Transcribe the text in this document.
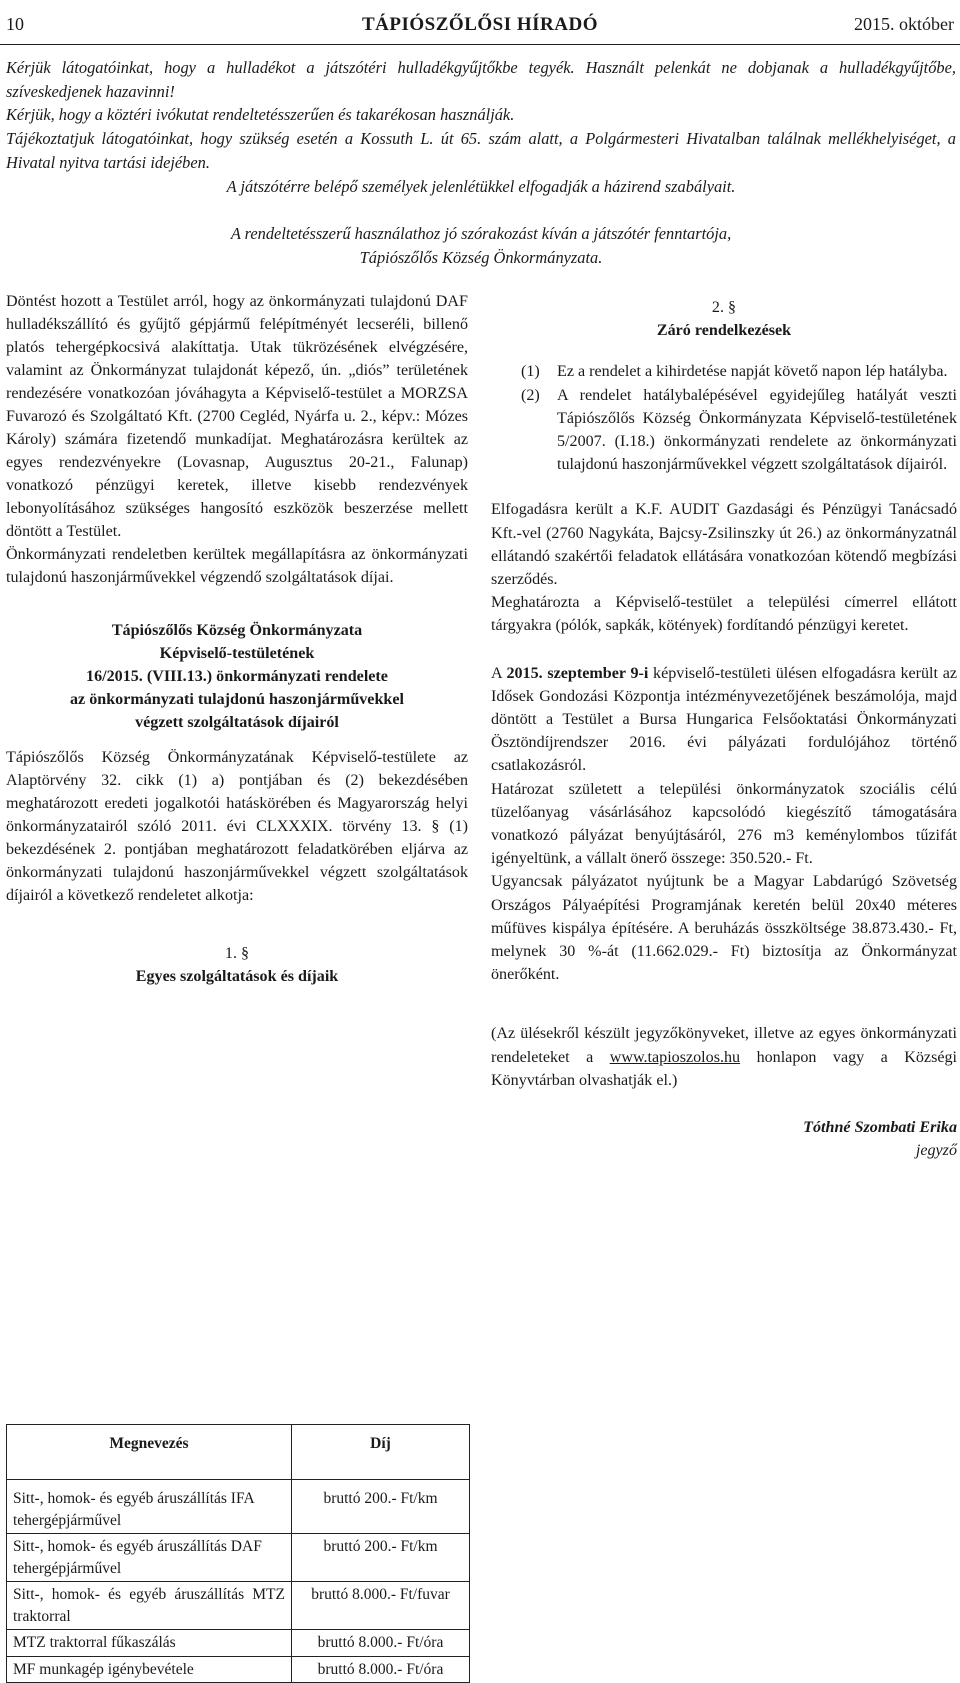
10	TÁPIÓSZŐLŐSI HÍRADÓ	2015. október

Kérjük látogatóinkat, hogy a hulladékot a játszótéri hulladékgyűjtőkbe tegyék. Használt pelenkát ne dobjanak a hulladékgyűjtőbe, szíveskedjenek hazavinni!

Kérjük, hogy a köztéri ivókutat rendeltetésszerűen és takarékosan használják.

Tájékoztatjuk látogatóinkat, hogy szükség esetén a Kossuth L. út 65. szám alatt, a Polgármesteri Hivatalban találnak mellékhelyiséget, a Hivatal nyitva tartási idejében.

A játszótérre belépő személyek jelenlétükkel elfogadják a házirend szabályait.

A rendeltetésszerű használathoz jó szórakozást kíván a játszótér fenntartója,

Tápiószőlős Község Önkormányzata.

Döntést hozott a Testület arról, hogy az önkormányzati tulajdonú DAF hulladékszállító és gyűjtő gépjármű felépítményét lecseréli, billenő platós tehergépkocsivá alakíttatja. Utak tükrözésének elvégzésére, valamint az Önkormányzat tulajdonát képező, ún. „diós” területének rendezésére vonatkozóan jóváhagyta a Képviselő-testület a MORZSA Fuvarozó és Szolgáltató Kft. (2700 Cegléd, Nyárfa u. 2., képv.: Mózes Károly) számára fizetendő munkadíjat. Meghatározásra kerültek az egyes rendezvényekre (Lovasnap, Augusztus 20-21., Falunap) vonatkozó pénzügyi keretek, illetve kisebb rendezvények lebonyolításához szükséges hangosító eszközök beszerzése mellett döntött a Testület.

Önkormányzati rendeletben kerültek megállapításra az önkormányzati tulajdonú haszonjárművekkel végzendő szolgáltatások díjai.

Tápiószőlős Község Önkormányzata

Képviselő-testületének

16/2015. (VIII.13.) önkormányzati rendelete

az önkormányzati tulajdonú haszonjárművekkel

végzett szolgáltatások díjairól

Tápiószőlős Község Önkormányzatának Képviselő-testülete az Alaptörvény 32. cikk (1) a) pontjában és (2) bekezdésében meghatározott eredeti jogalkotói hatáskörében és Magyarország helyi önkormányzatairól szóló 2011. évi CLXXXIX. törvény 13. § (1) bekezdésének 2. pontjában meghatározott feladatkörében eljárva az önkormányzati tulajdonú haszonjárművekkel végzett szolgáltatások díjairól a következő rendeletet alkotja:

1. §

Egyes szolgáltatások és díjaik

Megnevezés	Díj
Sitt-, homok- és egyéb áruszállítás IFA tehergépjárművel	bruttó 200.- Ft/km
Sitt-, homok- és egyéb áruszállítás DAF tehergépjárművel	bruttó 200.- Ft/km
Sitt-, homok- és egyéb áruszállítás MTZ traktorral	bruttó 8.000.- Ft/fuvar
MTZ traktorral fűkaszálás	bruttó 8.000.- Ft/óra
MF munkagép igénybevétele	bruttó 8.000.- Ft/óra

2. §

Záró rendelkezések

(1)	Ez a rendelet a kihirdetése napját követő napon lép hatályba.
(2)	A rendelet hatálybalépésével egyidejűleg hatályát veszti Tápiószőlős Község Önkormányzata Képviselő-testületének 5/2007. (I.18.) önkormányzati rendelete az önkormányzati tulajdonú haszonjárművekkel végzett szolgáltatások díjairól.

Elfogadásra került a K.F. AUDIT Gazdasági és Pénzügyi Tanácsadó Kft.-vel (2760 Nagykáta, Bajcsy-Zsilinszky út 26.) az önkormányzatnál ellátandó szakértői feladatok ellátására vonatkozóan kötendő megbízási szerződés.

Meghatározta a Képviselő-testület a települési címerrel ellátott tárgyakra (pólók, sapkák, kötények) fordítandó pénzügyi keretet.

A 2015. szeptember 9-i képviselő-testületi ülésen elfogadásra került az Idősek Gondozási Központja intézményvezetőjének beszámolója, majd döntött a Testület a Bursa Hungarica Felsőoktatási Önkormányzati Ösztöndíjrendszer 2016. évi pályázati fordulójához történő csatlakozásról.

Határozat született a települési önkormányzatok szociális célú tüzelőanyag vásárlásához kapcsolódó kiegészítő támogatására vonatkozó pályázat benyújtásáról, 276 m3 keménylombos tűzifát igényeltünk, a vállalt önerő összege: 350.520.- Ft.

Ugyancsak pályázatot nyújtunk be a Magyar Labdarúgó Szövetség Országos Pályaépítési Programjának keretén belül 20x40 méteres műfüves kispálya építésére. A beruházás összköltsége 38.873.430.- Ft, melynek 30 %-át (11.662.029.- Ft) biztosítja az Önkormányzat önerőként.

(Az ülésekről készült jegyzőkönyveket, illetve az egyes önkormányzati rendeleteket a www.tapioszolos.hu honlapon vagy a Községi Könyvtárban olvashatják el.)

Tóthné Szombati Erika

jegyző
